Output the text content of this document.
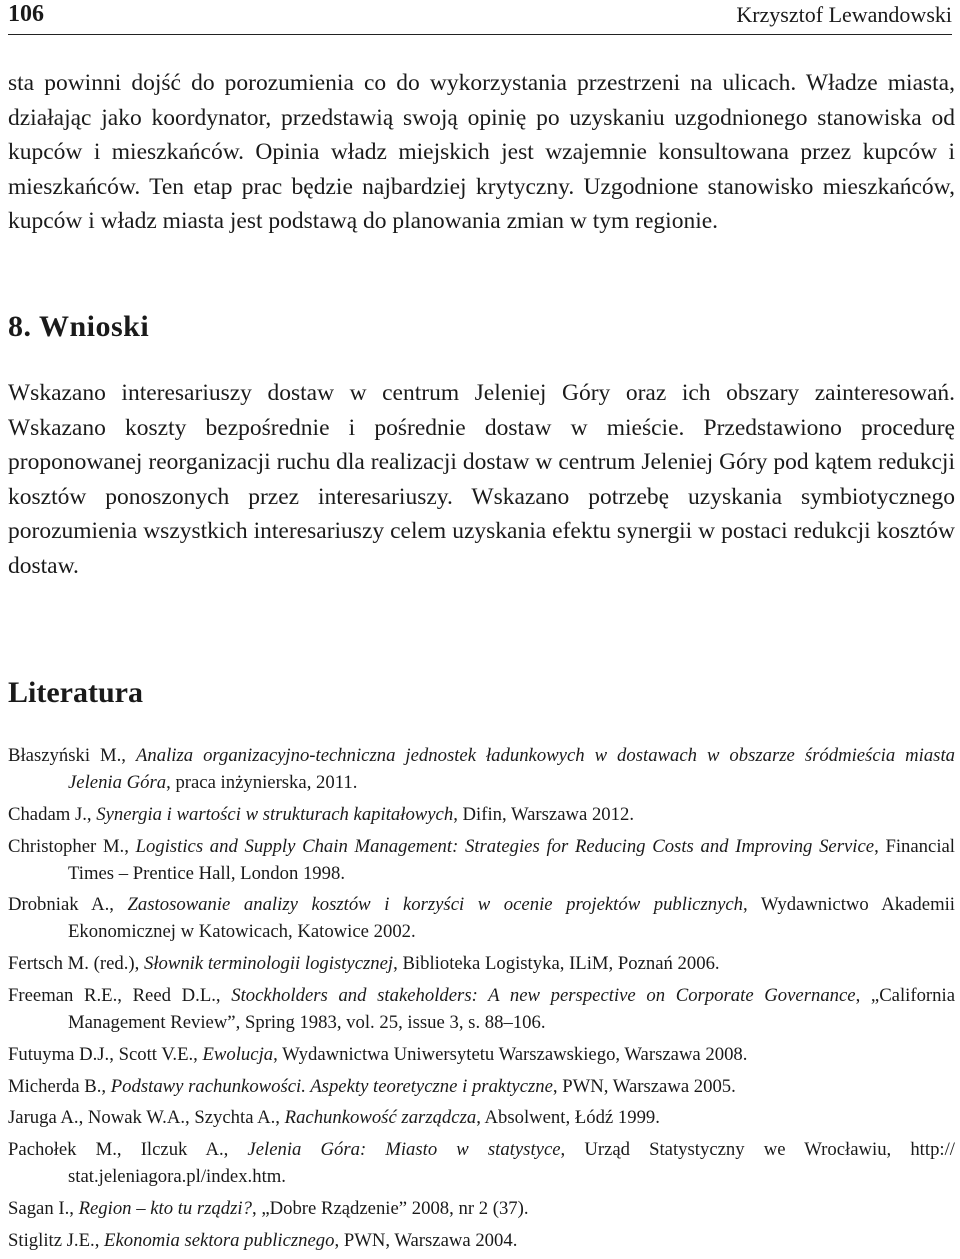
106	Krzysztof Lewandowski

sta powinni dojść do porozumienia co do wykorzystania przestrzeni na ulicach. Władze miasta, działając jako koordynator, przedstawią swoją opinię po uzyskaniu uzgodnionego stanowiska od kupców i mieszkańców. Opinia władz miejskich jest wzajemnie konsultowana przez kupców i mieszkańców. Ten etap prac będzie najbardziej krytyczny. Uzgodnione stanowisko mieszkańców, kupców i władz miasta jest podstawą do planowania zmian w tym regionie.

8. Wnioski

Wskazano interesariuszy dostaw w centrum Jeleniej Góry oraz ich obszary zainteresowań. Wskazano koszty bezpośrednie i pośrednie dostaw w mieście. Przedstawiono procedurę proponowanej reorganizacji ruchu dla realizacji dostaw w centrum Jeleniej Góry pod kątem redukcji kosztów ponoszonych przez interesariuszy. Wskazano potrzebę uzyskania symbiotycznego porozumienia wszystkich interesariuszy celem uzyskania efektu synergii w postaci redukcji kosztów dostaw.

Literatura
Błaszyński M., Analiza organizacyjno-techniczna jednostek ładunkowych w dostawach w obszarze śródmieścia miasta Jelenia Góra, praca inżynierska, 2011.
Chadam J., Synergia i wartości w strukturach kapitałowych, Difin, Warszawa 2012.
Christopher M., Logistics and Supply Chain Management: Strategies for Reducing Costs and Improving Service, Financial Times – Prentice Hall, London 1998.
Drobniak A., Zastosowanie analizy kosztów i korzyści w ocenie projektów publicznych, Wydawnictwo Akademii Ekonomicznej w Katowicach, Katowice 2002.
Fertsch M. (red.), Słownik terminologii logistycznej, Biblioteka Logistyka, ILiM, Poznań 2006.
Freeman R.E., Reed D.L., Stockholders and stakeholders: A new perspective on Corporate Governance, „California Management Review”, Spring 1983, vol. 25, issue 3, s. 88–106.
Futuyma D.J., Scott V.E., Ewolucja, Wydawnictwa Uniwersytetu Warszawskiego, Warszawa 2008.
Micherda B., Podstawy rachunkowości. Aspekty teoretyczne i praktyczne, PWN, Warszawa 2005.
Jaruga A., Nowak W.A., Szychta A., Rachunkowość zarządcza, Absolwent, Łódź 1999.
Pachołek M., Ilczuk A., Jelenia Góra: Miasto w statystyce, Urząd Statystyczny we Wrocławiu, http:// stat.jeleniagora.pl/index.htm.
Sagan I., Region – kto tu rządzi?, „Dobre Rządzenie” 2008, nr 2 (37).
Stiglitz J.E., Ekonomia sektora publicznego, PWN, Warszawa 2004.
